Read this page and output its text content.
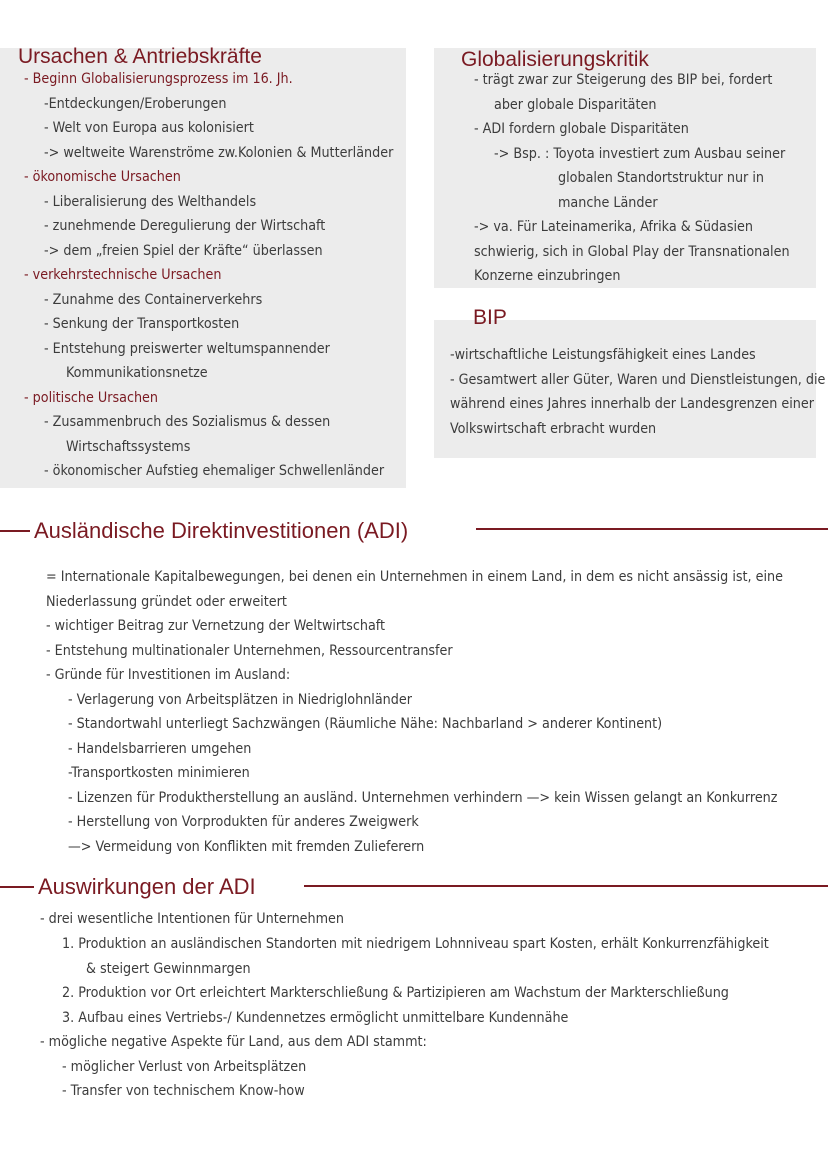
Ursachen & Antriebskräfte
- Beginn Globalisierungsprozess im 16. Jh.
-Entdeckungen/Eroberungen
- Welt von Europa aus kolonisiert
-> weltweite Warenströme zw.Kolonien & Mutterländer
- ökonomische Ursachen
- Liberalisierung des Welthandels
- zunehmende Deregulierung der Wirtschaft
-> dem „freien Spiel der Kräfte“ überlassen
- verkehrstechnische Ursachen
- Zunahme des Containerverkehrs
- Senkung der Transportkosten
- Entstehung preiswerter weltumspannender
Kommunikationsnetze
- politische Ursachen
- Zusammenbruch des Sozialismus & dessen
Wirtschaftssystems
- ökonomischer Aufstieg ehemaliger Schwellenländer
Globalisierungskritik
- trägt zwar zur Steigerung des BIP bei, fordert
aber globale Disparitäten
- ADI fordern globale Disparitäten
-> Bsp. : Toyota investiert zum Ausbau seiner
globalen Standortstruktur nur in
manche Länder
-> va. Für Lateinamerika, Afrika & Südasien
schwierig, sich in Global Play der Transnationalen
Konzerne einzubringen
BIP
-wirtschaftliche Leistungsfähigkeit eines Landes
- Gesamtwert aller Güter, Waren und Dienstleistungen, die
während eines Jahres innerhalb der Landesgrenzen einer
Volkswirtschaft erbracht wurden
Ausländische Direktinvestitionen (ADI)
= Internationale Kapitalbewegungen, bei denen ein Unternehmen in einem Land, in dem es nicht ansässig ist, eine
Niederlassung gründet oder erweitert
- wichtiger Beitrag zur Vernetzung der Weltwirtschaft
- Entstehung multinationaler Unternehmen, Ressourcentransfer
- Gründe für Investitionen im Ausland:
- Verlagerung von Arbeitsplätzen in Niedriglohnländer
- Standortwahl unterliegt Sachzwängen (Räumliche Nähe: Nachbarland > anderer Kontinent)
- Handelsbarrieren umgehen
-Transportkosten minimieren
- Lizenzen für Produktherstellung an ausländ. Unternehmen verhindern —> kein Wissen gelangt an Konkurrenz
- Herstellung von Vorprodukten für anderes Zweigwerk
—> Vermeidung von Konflikten mit fremden Zulieferern
Auswirkungen der ADI
- drei wesentliche Intentionen für Unternehmen
1. Produktion an ausländischen Standorten mit niedrigem Lohnniveau spart Kosten, erhält Konkurrenzfähigkeit
& steigert Gewinnmargen
2. Produktion vor Ort erleichtert Markterschließung & Partizipieren am Wachstum der Markterschließung
3. Aufbau eines Vertriebs-/ Kundennetzes ermöglicht unmittelbare Kundennähe
- mögliche negative Aspekte für Land, aus dem ADI stammt:
- möglicher Verlust von Arbeitsplätzen
- Transfer von technischem Know-how
